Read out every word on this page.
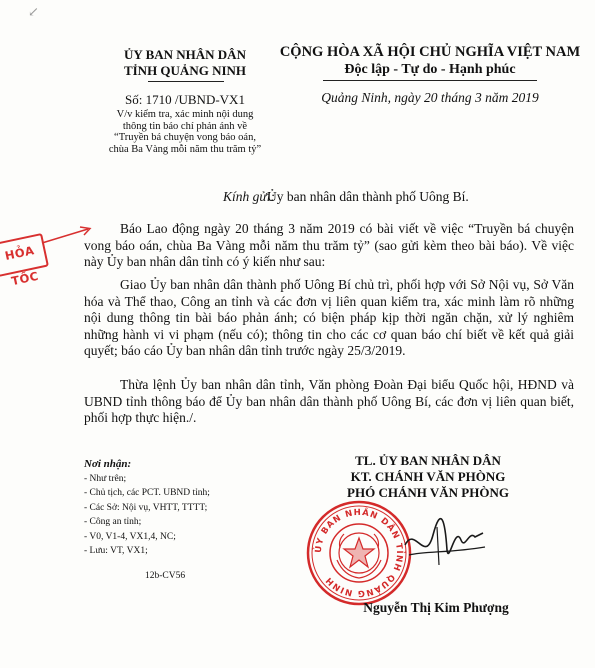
↙
ỦY BAN NHÂN DÂN
TỈNH QUẢNG NINH
CỘNG HÒA XÃ HỘI CHỦ NGHĨA VIỆT NAM
Độc lập - Tự do - Hạnh phúc
Số: 1710 /UBND-VX1
V/v kiểm tra, xác minh nội dung
thông tin báo chí phản ánh về
“Truyền bá chuyện vong báo oán,
chùa Ba Vàng mỗi năm thu trăm tỷ”
Quảng Ninh, ngày 20 tháng 3 năm 2019
Kính gửi:
Ủy ban nhân dân thành phố Uông Bí.
HỎA TỐC
Báo Lao động ngày 20 tháng 3 năm 2019 có bài viết về việc “Truyền bá chuyện vong báo oán, chùa Ba Vàng mỗi năm thu trăm tỷ” (sao gửi kèm theo bài báo). Về việc này Ủy ban nhân dân tỉnh có ý kiến như sau:
Giao Ủy ban nhân dân thành phố Uông Bí chủ trì, phối hợp với Sở Nội vụ, Sở Văn hóa và Thể thao, Công an tỉnh và các đơn vị liên quan kiểm tra, xác minh làm rõ những nội dung thông tin bài báo phản ánh; có biện pháp kịp thời ngăn chặn, xử lý nghiêm những hành vi vi phạm (nếu có); thông tin cho các cơ quan báo chí biết về kết quả giải quyết; báo cáo Ủy ban nhân dân tỉnh trước ngày 25/3/2019.
Thừa lệnh Ủy ban nhân dân tỉnh, Văn phòng Đoàn Đại biểu Quốc hội, HĐND và UBND tỉnh thông báo để Ủy ban nhân dân thành phố Uông Bí, các đơn vị liên quan biết, phối hợp thực hiện./.
Nơi nhận:
- Như trên;
- Chủ tịch, các PCT. UBND tỉnh;
- Các Sở: Nội vụ, VHTT, TTTT;
- Công an tỉnh;
- V0, V1-4, VX1,4, NC;
- Lưu: VT, VX1;
12b-CV56
TL. ỦY BAN NHÂN DÂN
KT. CHÁNH VĂN PHÒNG
PHÓ CHÁNH VĂN PHÒNG
ỦY BAN NHÂN DÂN TỈNH QUẢNG NINH
Nguyễn Thị Kim Phượng
